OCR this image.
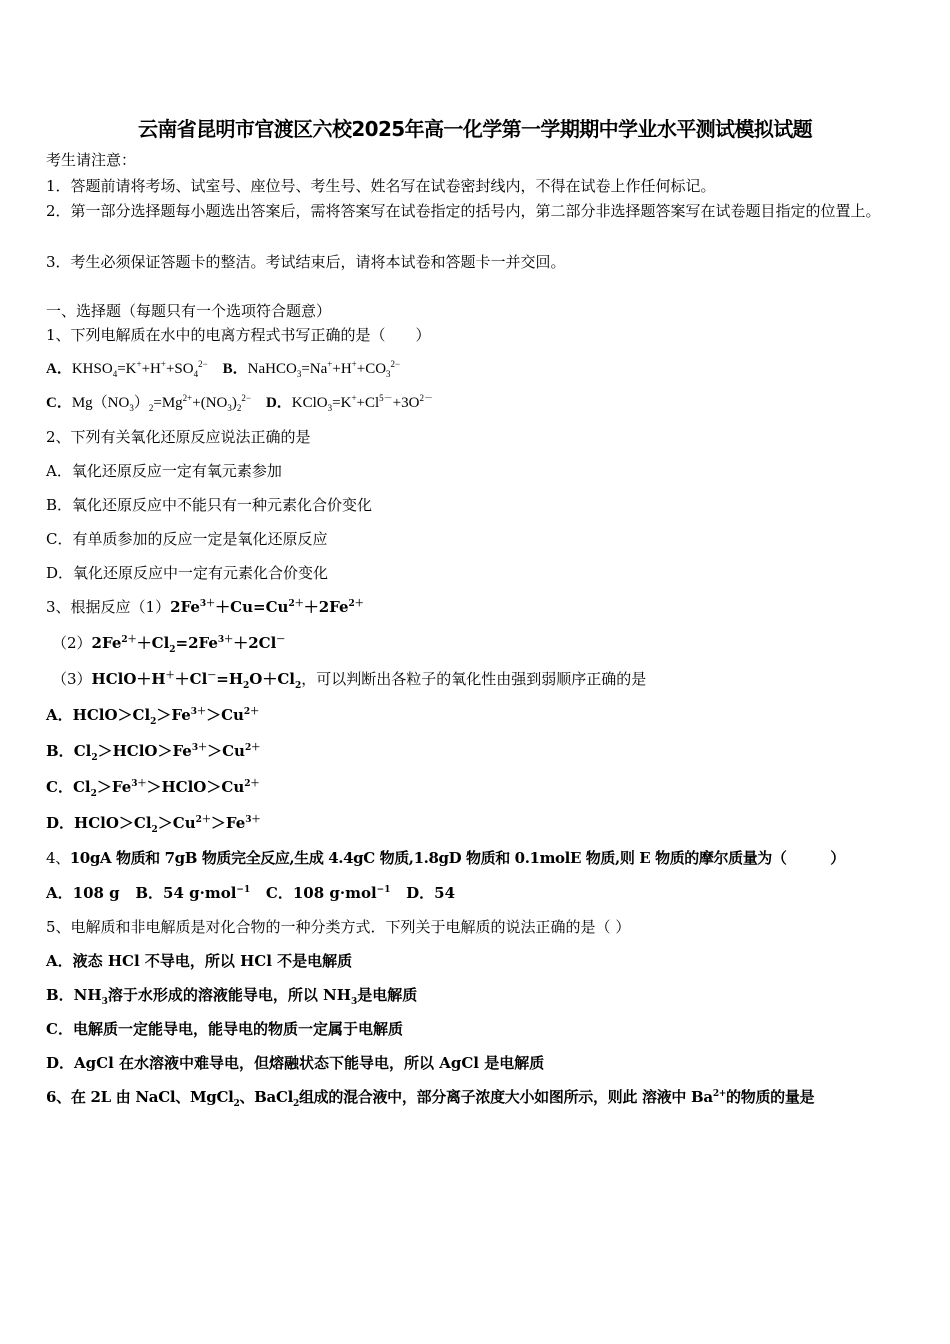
云南省昆明市官渡区六校2025年高一化学第一学期期中学业水平测试模拟试题
考生请注意：
1．答题前请将考场、试室号、座位号、考生号、姓名写在试卷密封线内，不得在试卷上作任何标记。
2．第一部分选择题每小题选出答案后，需将答案写在试卷指定的括号内，第二部分非选择题答案写在试卷题目指定的位置上。
3．考生必须保证答题卡的整洁。考试结束后，请将本试卷和答题卡一并交回。
一、选择题（每题只有一个选项符合题意）
1、下列电解质在水中的电离方程式书写正确的是（　　）
A．$KHSO_4=K^++H^++SO_4^{2-}$ B．$NaHCO_3=Na^++H^++CO_3^{2-}$
C．$Mg(NO_3)_2=Mg^{2+}+(NO_3)_2^{2-}$ D．$KClO_3=K^++Cl^{5-}+3O^{2-}$
2、下列有关氧化还原反应说法正确的是
A．氧化还原反应一定有氧元素参加
B．氧化还原反应中不能只有一种元素化合价变化
C．有单质参加的反应一定是氧化还原反应
D．氧化还原反应中一定有元素化合价变化
3、根据反应$(1)2Fe^{3+}+Cu=Cu^{2+}+2Fe^{2+}$
$(2)2Fe^{2+}+Cl_2=2Fe^{3+}+2Cl^-$
$(3)HClO+H^++Cl^-=H_2O+Cl_2$，可以判断出各粒子的氧化性由强到弱顺序正确的是
A．$HClO>Cl_2>Fe^{3+}>Cu^{2+}$
B．$Cl_2>HClO>Fe^{3+}>Cu^{2+}$
C．$Cl_2>Fe^{3+}>HClO>Cu^{2+}$
D．$HClO>Cl_2>Cu^{2+}>Fe^{3+}$
4、10gA 物质和 7gB 物质完全反应,生成 4.4gC 物质,1.8gD 物质和 0.1molE 物质,则 E 物质的摩尔质量为（　　　）
A．108 g B．54 g·mol$^{-1}$ C．108 g·mol$^{-1}$ D．54
5、电解质和非电解质是对化合物的一种分类方式．下列关于电解质的说法正确的是（ ）
A．液态 HCl 不导电，所以 HCl 不是电解质
B．$NH_3$溶于水形成的溶液能导电，所以 $NH_3$是电解质
C．电解质一定能导电，能导电的物质一定属于电解质
D．AgCl 在水溶液中难导电，但熔融状态下能导电，所以 AgCl 是电解质
6、在 2L 由 NaCl、MgCl$_2$、BaCl$_2$组成的混合液中，部分离子浓度大小如图所示，则此 溶液中 $Ba^{2+}$的物质的量是
